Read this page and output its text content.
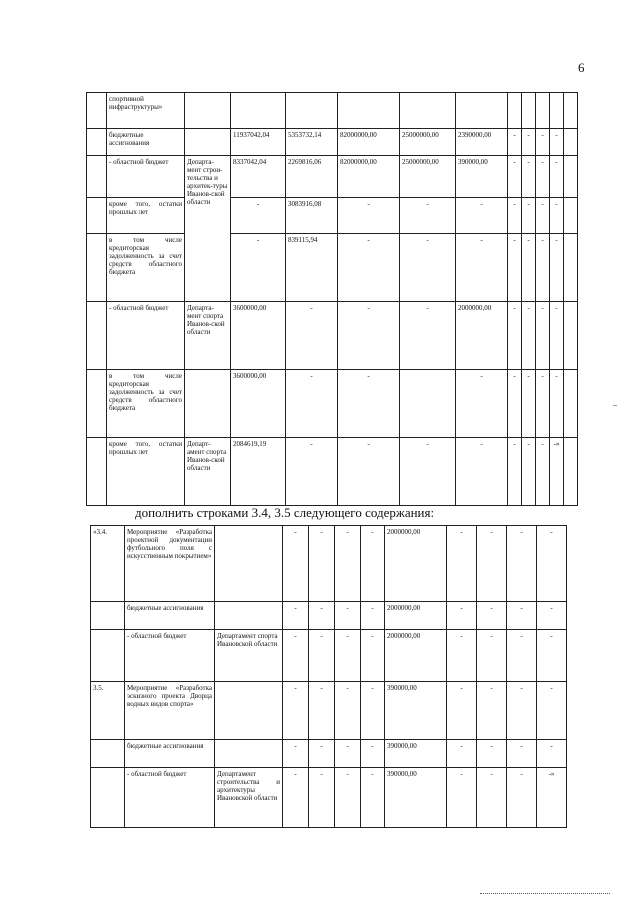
6
–
	спортивной инфраструктуры»											
	бюджетные ассигнования		11937042,04	5353732,14	82000000,00	25000000,00	2390000,00	-	-	-	-	
	- областной бюджет	Департа-мент строи-тельства и архитек-туры Иванов-ской области	8337042,04	2269816,06	82000000,00	25000000,00	390000,00	-	-	-	-	
	кроме того, остатки прошлых лет		-	3083916,08	-	-	-	-	-	-	-	
	в том числе кредиторская задолженность за счет средств областного бюджета		-	839115,94	-	-	-	-	-	-	-	
	- областной бюджет	Департа-мент спорта Иванов-ской области	3600000,00	-	-	-	2000000,00	-	-	-	-	
	в том числе кредиторская задолженность за счет средств областного бюджета		3600000,00	-	-		-	-	-	-	-	
	кроме того, остатки прошлых лет	Департ-амент спорта Иванов-ской области	2084619,19	-	-	-	-	-	-	-	-»	
дополнить строками 3.4, 3.5 следующего содержания:
«3.4.	Мероприятие «Разработка проектной документации футбольного поля с искусственным покрытием»		-	-	-	-	2000000,00	-	-	-	-
	бюджетные ассигнования		-	-	-	-	2000000,00	-	-	-	-
	- областной бюджет	Департамент спорта Ивановской области	-	-	-	-	2000000,00	-	-	-	-
3.5.	Мероприятие «Разработка эскизного проекта Дворца водных видов спорта»		-	-	-	-	390000,00	-	-	-	-
	бюджетные ассигнования		-	-	-	-	390000,00	-	-	-	-
	- областной бюджет	Департамент строительства и архитектуры Ивановской области	-	-	-	-	390000,00	-	-	-	-»
